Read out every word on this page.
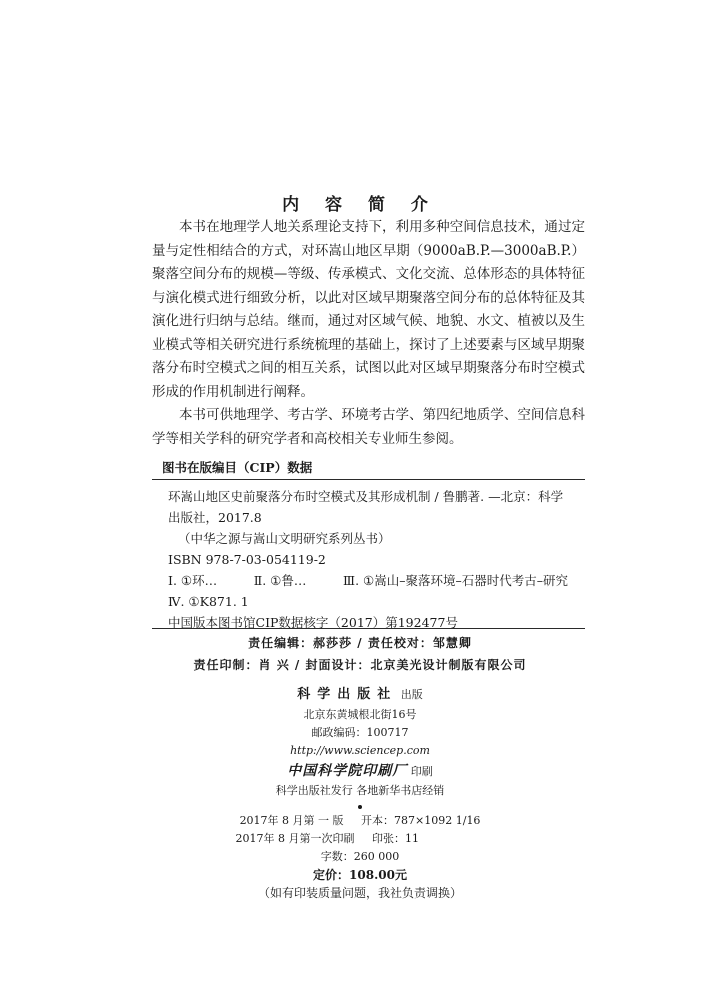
内 容 简 介

本书在地理学人地关系理论支持下，利用多种空间信息技术，通过定量与定性相结合的方式，对环嵩山地区早期（9000aB.P.—3000aB.P.）聚落空间分布的规模—等级、传承模式、文化交流、总体形态的具体特征与演化模式进行细致分析，以此对区域早期聚落空间分布的总体特征及其演化进行归纳与总结。继而，通过对区域气候、地貌、水文、植被以及生业模式等相关研究进行系统梳理的基础上，探讨了上述要素与区域早期聚落分布时空模式之间的相互关系，试图以此对区域早期聚落分布时空模式形成的作用机制进行阐释。

本书可供地理学、考古学、环境考古学、第四纪地质学、空间信息科学等相关学科的研究学者和高校相关专业师生参阅。

图书在版编目（CIP）数据
环嵩山地区史前聚落分布时空模式及其形成机制 / 鲁鹏著. —北京：科学
出版社，2017.8
（中华之源与嵩山文明研究系列丛书）
ISBN 978-7-03-054119-2
Ⅰ. ①环…	Ⅱ. ①鲁…	Ⅲ. ①嵩山–聚落环境–石器时代考古–研究
Ⅳ. ①K871. 1
中国版本图书馆CIP数据核字（2017）第192477号
责任编辑：郝莎莎 / 责任校对：邹慧卿
责任印制：肖 兴 / 封面设计：北京美光设计制版有限公司
科学出版社 出版
北京东黄城根北街16号
邮政编码：100717
http://www.sciencep.com
中国科学院印刷厂 印刷
科学出版社发行 各地新华书店经销
2017年 8 月第 一 版 开本：787×1092 1/16
2017年 8 月第一次印刷 印张：11
字数：260 000
定价：108.00元
（如有印装质量问题，我社负责调换）
